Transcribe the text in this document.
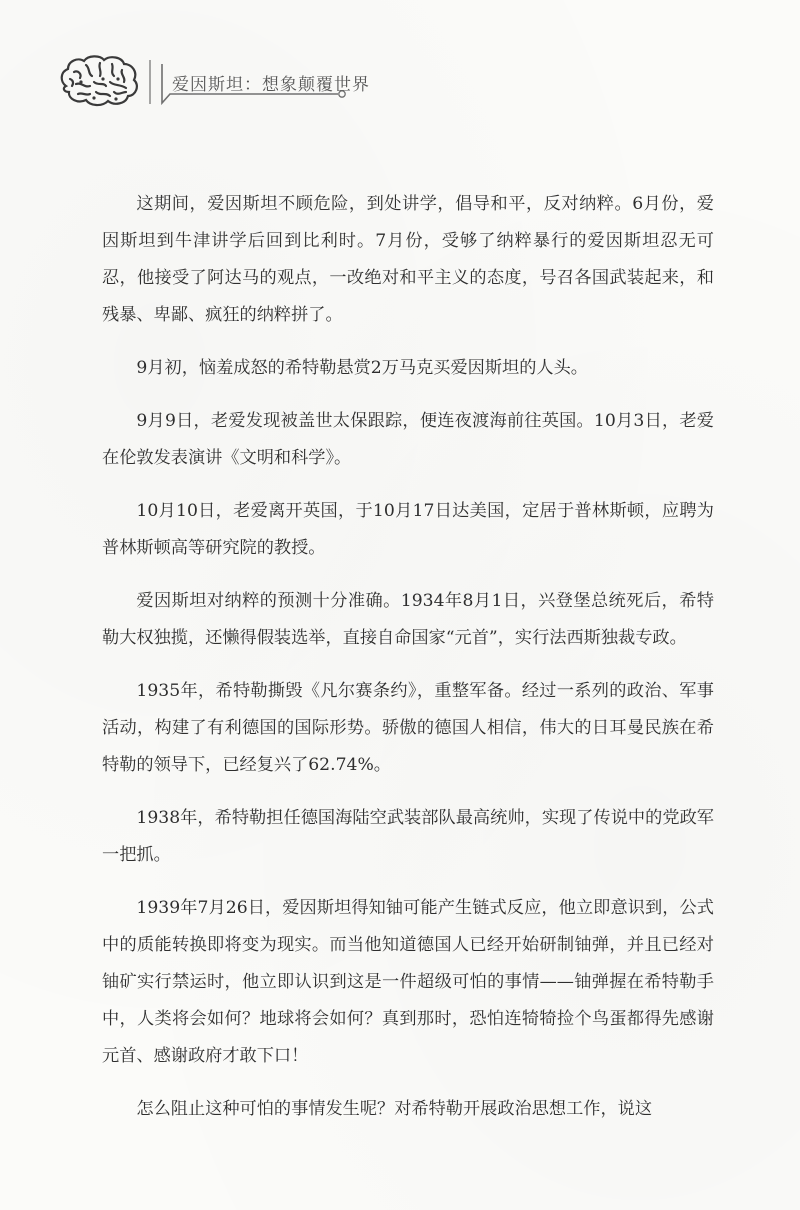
爱因斯坦：想象颠覆世界

这期间，爱因斯坦不顾危险，到处讲学，倡导和平，反对纳粹。6月份，爱因斯坦到牛津讲学后回到比利时。7月份，受够了纳粹暴行的爱因斯坦忍无可忍，他接受了阿达马的观点，一改绝对和平主义的态度，号召各国武装起来，和残暴、卑鄙、疯狂的纳粹拼了。

9月初，恼羞成怒的希特勒悬赏2万马克买爱因斯坦的人头。

9月9日，老爱发现被盖世太保跟踪，便连夜渡海前往英国。10月3日，老爱在伦敦发表演讲《文明和科学》。

10月10日，老爱离开英国，于10月17日达美国，定居于普林斯顿，应聘为普林斯顿高等研究院的教授。

爱因斯坦对纳粹的预测十分准确。1934年8月1日，兴登堡总统死后，希特勒大权独揽，还懒得假装选举，直接自命国家“元首”，实行法西斯独裁专政。

1935年，希特勒撕毁《凡尔赛条约》，重整军备。经过一系列的政治、军事活动，构建了有利德国的国际形势。骄傲的德国人相信，伟大的日耳曼民族在希特勒的领导下，已经复兴了62.74%。

1938年，希特勒担任德国海陆空武装部队最高统帅，实现了传说中的党政军一把抓。

1939年7月26日，爱因斯坦得知铀可能产生链式反应，他立即意识到，公式中的质能转换即将变为现实。而当他知道德国人已经开始研制铀弹，并且已经对铀矿实行禁运时，他立即认识到这是一件超级可怕的事情——铀弹握在希特勒手中，人类将会如何？地球将会如何？真到那时，恐怕连犄犄捡个鸟蛋都得先感谢元首、感谢政府才敢下口！

怎么阻止这种可怕的事情发生呢？对希特勒开展政治思想工作，说这
